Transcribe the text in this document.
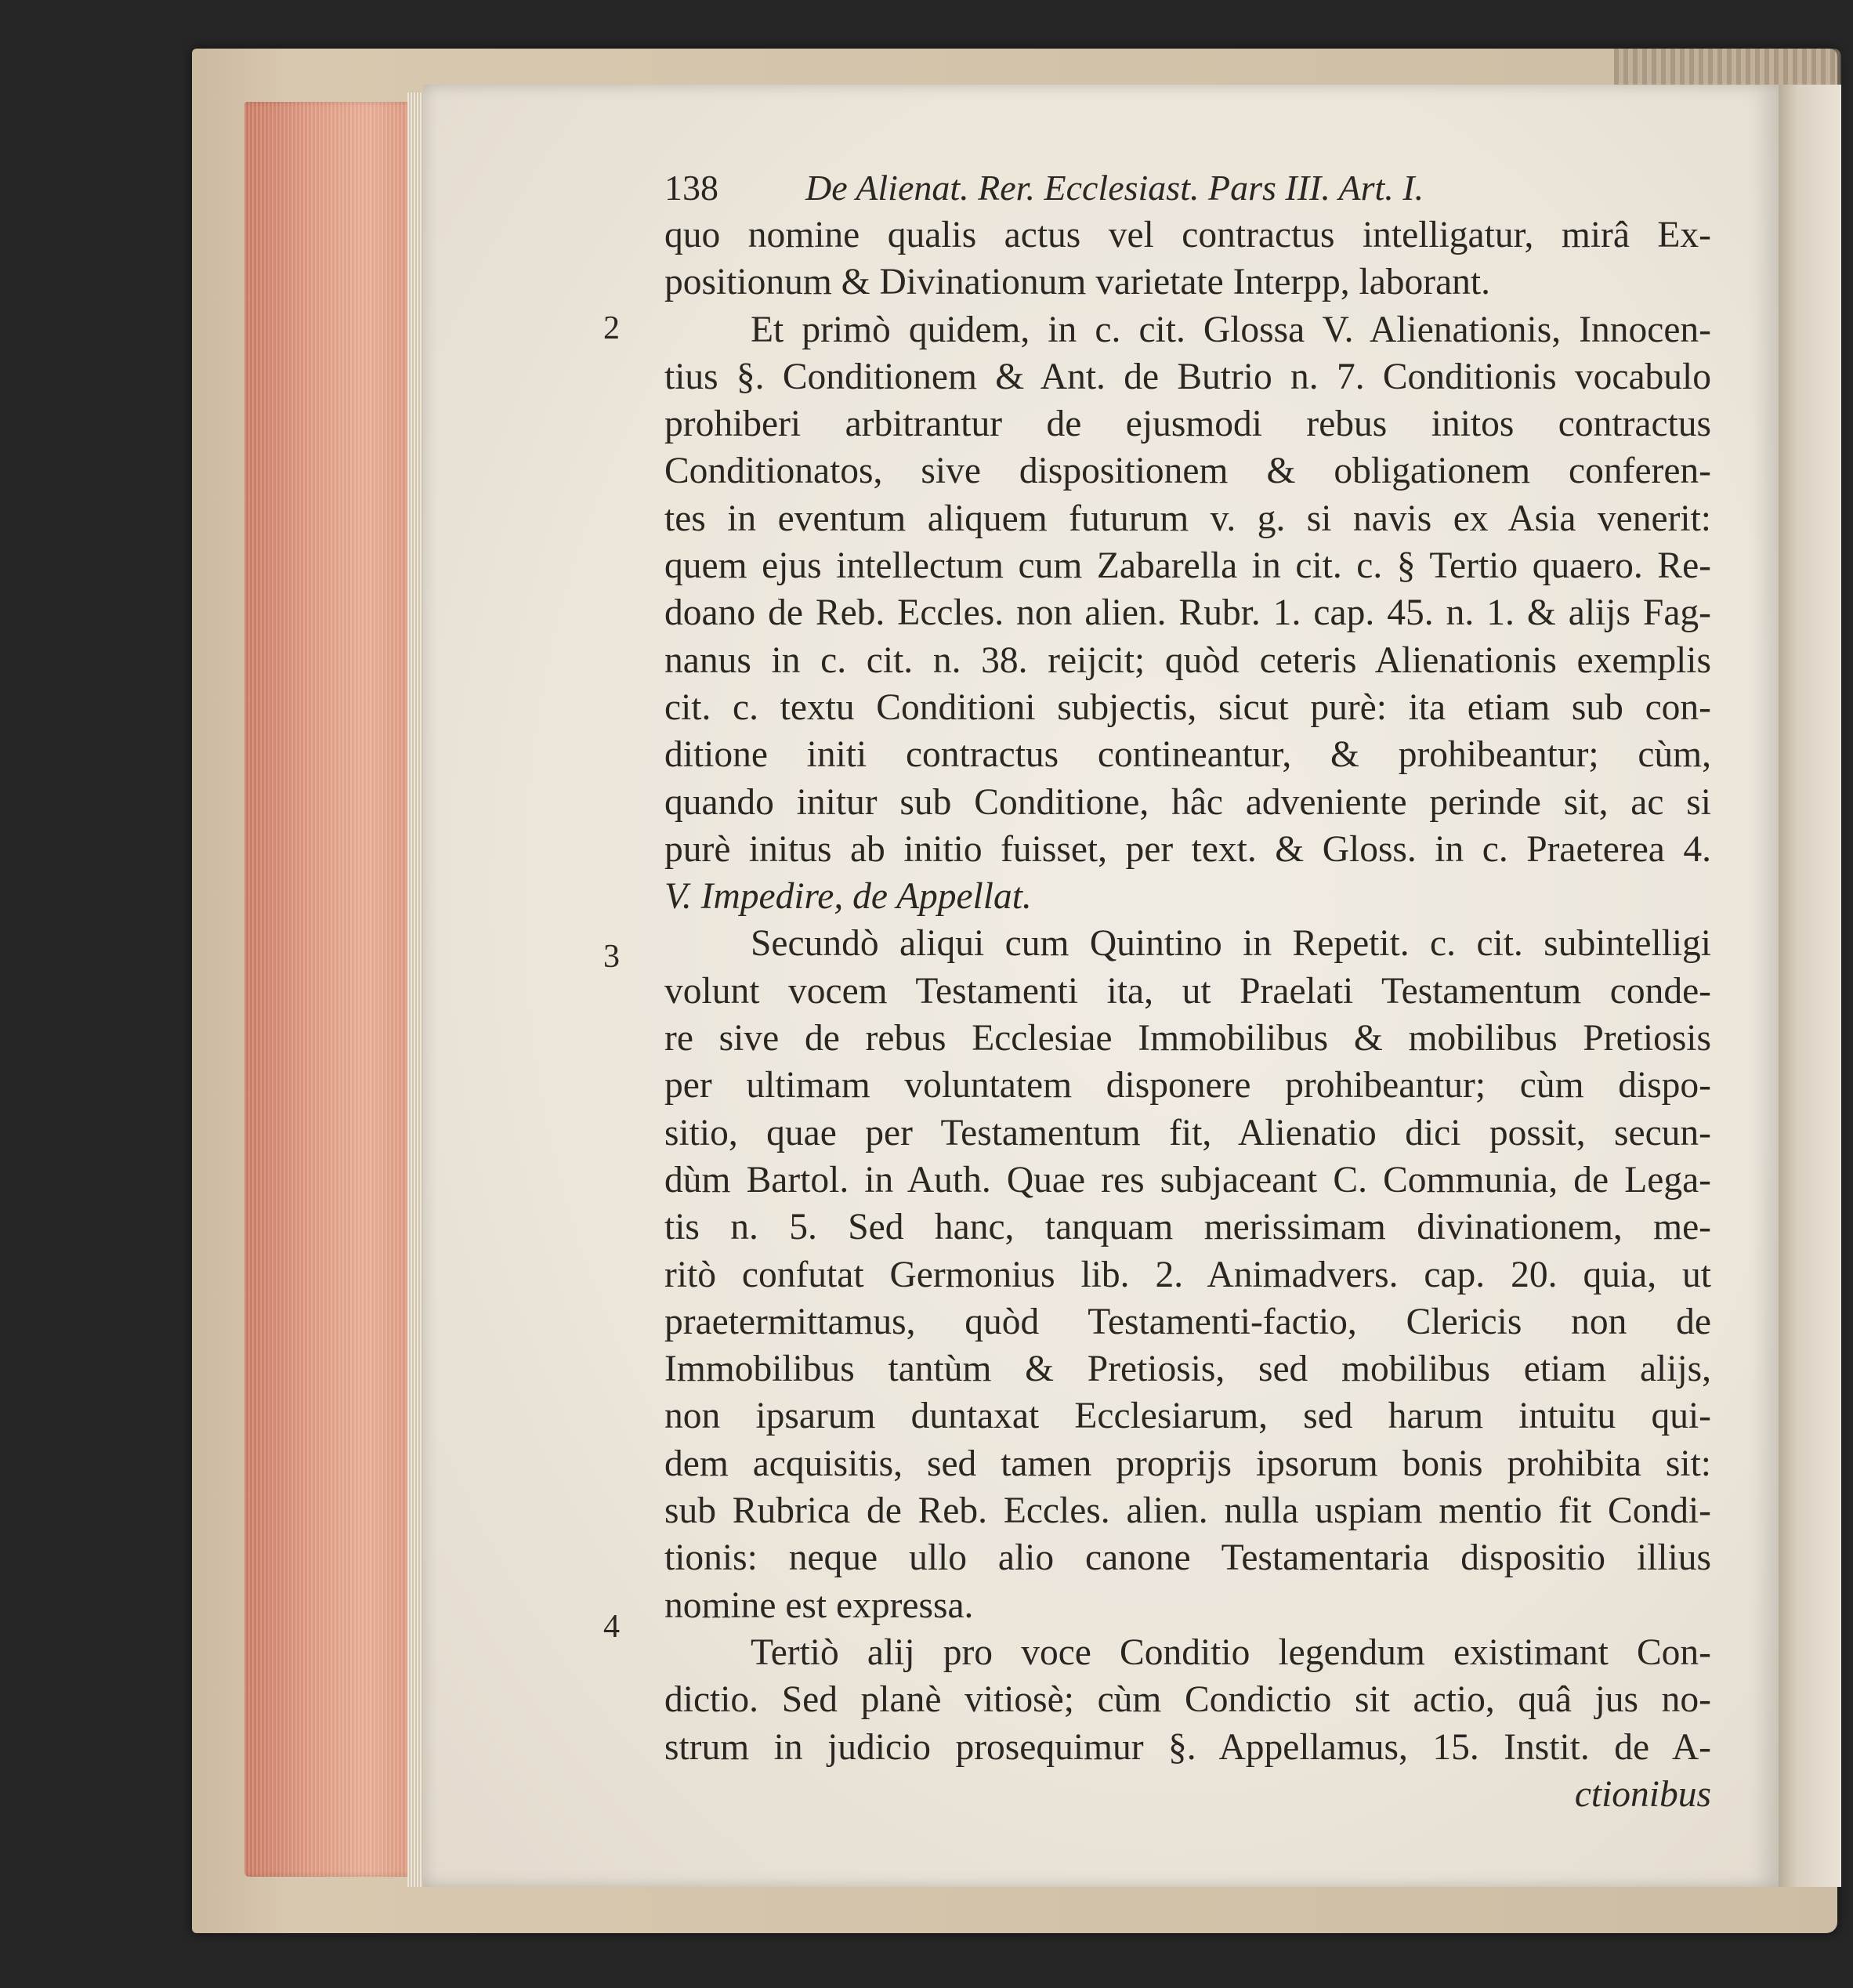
2
3
4
138	De Alienat. Rer. Ecclesiast. Pars III. Art. I.
quo nomine qualis actus vel contractus intelligatur, mirâ Ex-
positionum & Divinationum varietate Interpp, laborant.
Et primò quidem, in c. cit. Glossa V. Alienationis, Innocen-
tius §. Conditionem & Ant. de Butrio n. 7. Conditionis vocabulo
prohiberi arbitrantur de ejusmodi rebus initos contractus
Conditionatos, sive dispositionem & obligationem conferen-
tes in eventum aliquem futurum v. g. si navis ex Asia venerit:
quem ejus intellectum cum Zabarella in cit. c. § Tertio quaero. Re-
doano de Reb. Eccles. non alien. Rubr. 1. cap. 45. n. 1. & alijs Fag-
nanus in c. cit. n. 38. reijcit; quòd ceteris Alienationis exemplis
cit. c. textu Conditioni subjectis, sicut purè: ita etiam sub con-
ditione initi contractus contineantur, & prohibeantur; cùm,
quando initur sub Conditione, hâc adveniente perinde sit, ac si
purè initus ab initio fuisset, per text. & Gloss. in c. Praeterea 4.
V. Impedire, de Appellat.
Secundò aliqui cum Quintino in Repetit. c. cit. subintelligi
volunt vocem Testamenti ita, ut Praelati Testamentum conde-
re sive de rebus Ecclesiae Immobilibus & mobilibus Pretiosis
per ultimam voluntatem disponere prohibeantur; cùm dispo-
sitio, quae per Testamentum fit, Alienatio dici possit, secun-
dùm Bartol. in Auth. Quae res subjaceant C. Communia, de Lega-
tis n. 5. Sed hanc, tanquam merissimam divinationem, me-
ritò confutat Germonius lib. 2. Animadvers. cap. 20. quia, ut
praetermittamus, quòd Testamenti-factio, Clericis non de
Immobilibus tantùm & Pretiosis, sed mobilibus etiam alijs,
non ipsarum duntaxat Ecclesiarum, sed harum intuitu qui-
dem acquisitis, sed tamen proprijs ipsorum bonis prohibita sit:
sub Rubrica de Reb. Eccles. alien. nulla uspiam mentio fit Condi-
tionis: neque ullo alio canone Testamentaria dispositio illius
nomine est expressa.
Tertiò alij pro voce Conditio legendum existimant Con-
dictio. Sed planè vitiosè; cùm Condictio sit actio, quâ jus no-
strum in judicio prosequimur §. Appellamus, 15. Instit. de A-
ctionibus
